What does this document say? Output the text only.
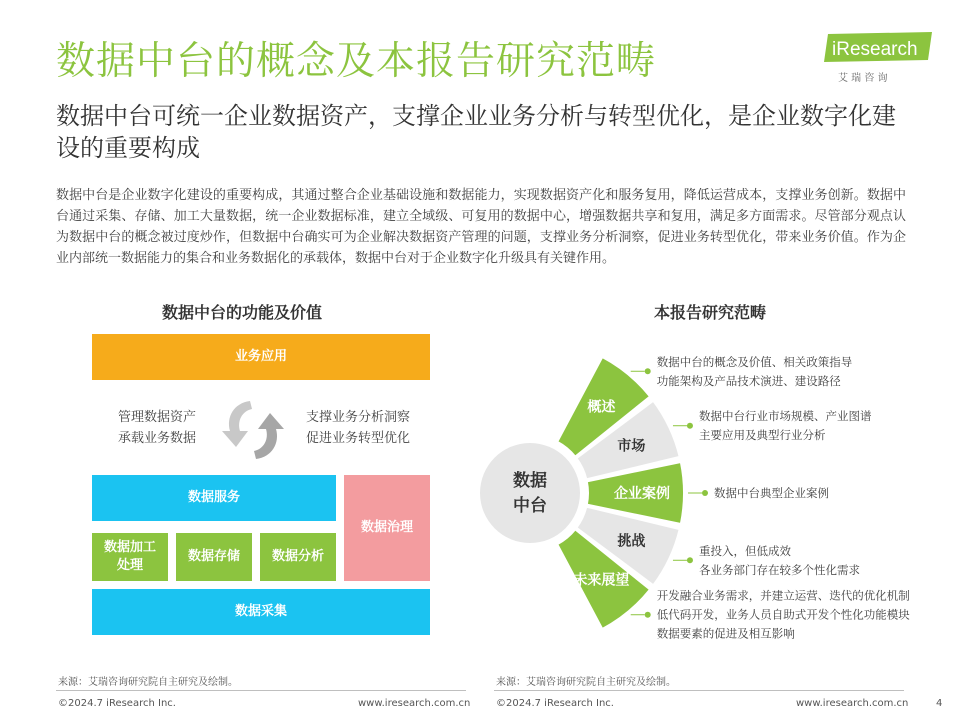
数据中台的概念及本报告研究范畴
数据中台可统一企业数据资产，支撑企业业务分析与转型优化，是企业数字化建设的重要构成
iResearch
艾 瑞 咨 询
数据中台是企业数字化建设的重要构成，其通过整合企业基础设施和数据能力，实现数据资产化和服务复用，降低运营成本，支撑业务创新。数据中台通过采集、存储、加工大量数据，统一企业数据标准，建立全域级、可复用的数据中心，增强数据共享和复用，满足多方面需求。尽管部分观点认为数据中台的概念被过度炒作，但数据中台确实可为企业解决数据资产管理的问题，支撑业务分析洞察，促进业务转型优化，带来业务价值。作为企业内部统一数据能力的集合和业务数据化的承载体，数据中台对于企业数字化升级具有关键作用。
数据中台的功能及价值
业务应用
管理数据资产
承载业务数据
支撑业务分析洞察
促进业务转型优化
数据服务
数据治理
数据加工处理
数据存储	数据分析
数据采集
来源：艾瑞咨询研究院自主研究及绘制。
本报告研究范畴
概述
数据中台的概念及价值、相关政策指导
功能架构及产品技术演进、建设路径
市场
数据中台行业市场规模、产业图谱
主要应用及典型行业分析
企业案例	数据中台典型企业案例
挑战
重投入，但低成效
各业务部门存在较多个性化需求
未来展望
开发融合业务需求，并建立运营、迭代的优化机制
低代码开发，业务人员自助式开发个性化功能模块
数据要素的促进及相互影响
数据
中台
来源：艾瑞咨询研究院自主研究及绘制。
©2024.7 iResearch Inc.	www.iresearch.com.cn	©2024.7 iResearch Inc.	www.iresearch.com.cn	4
